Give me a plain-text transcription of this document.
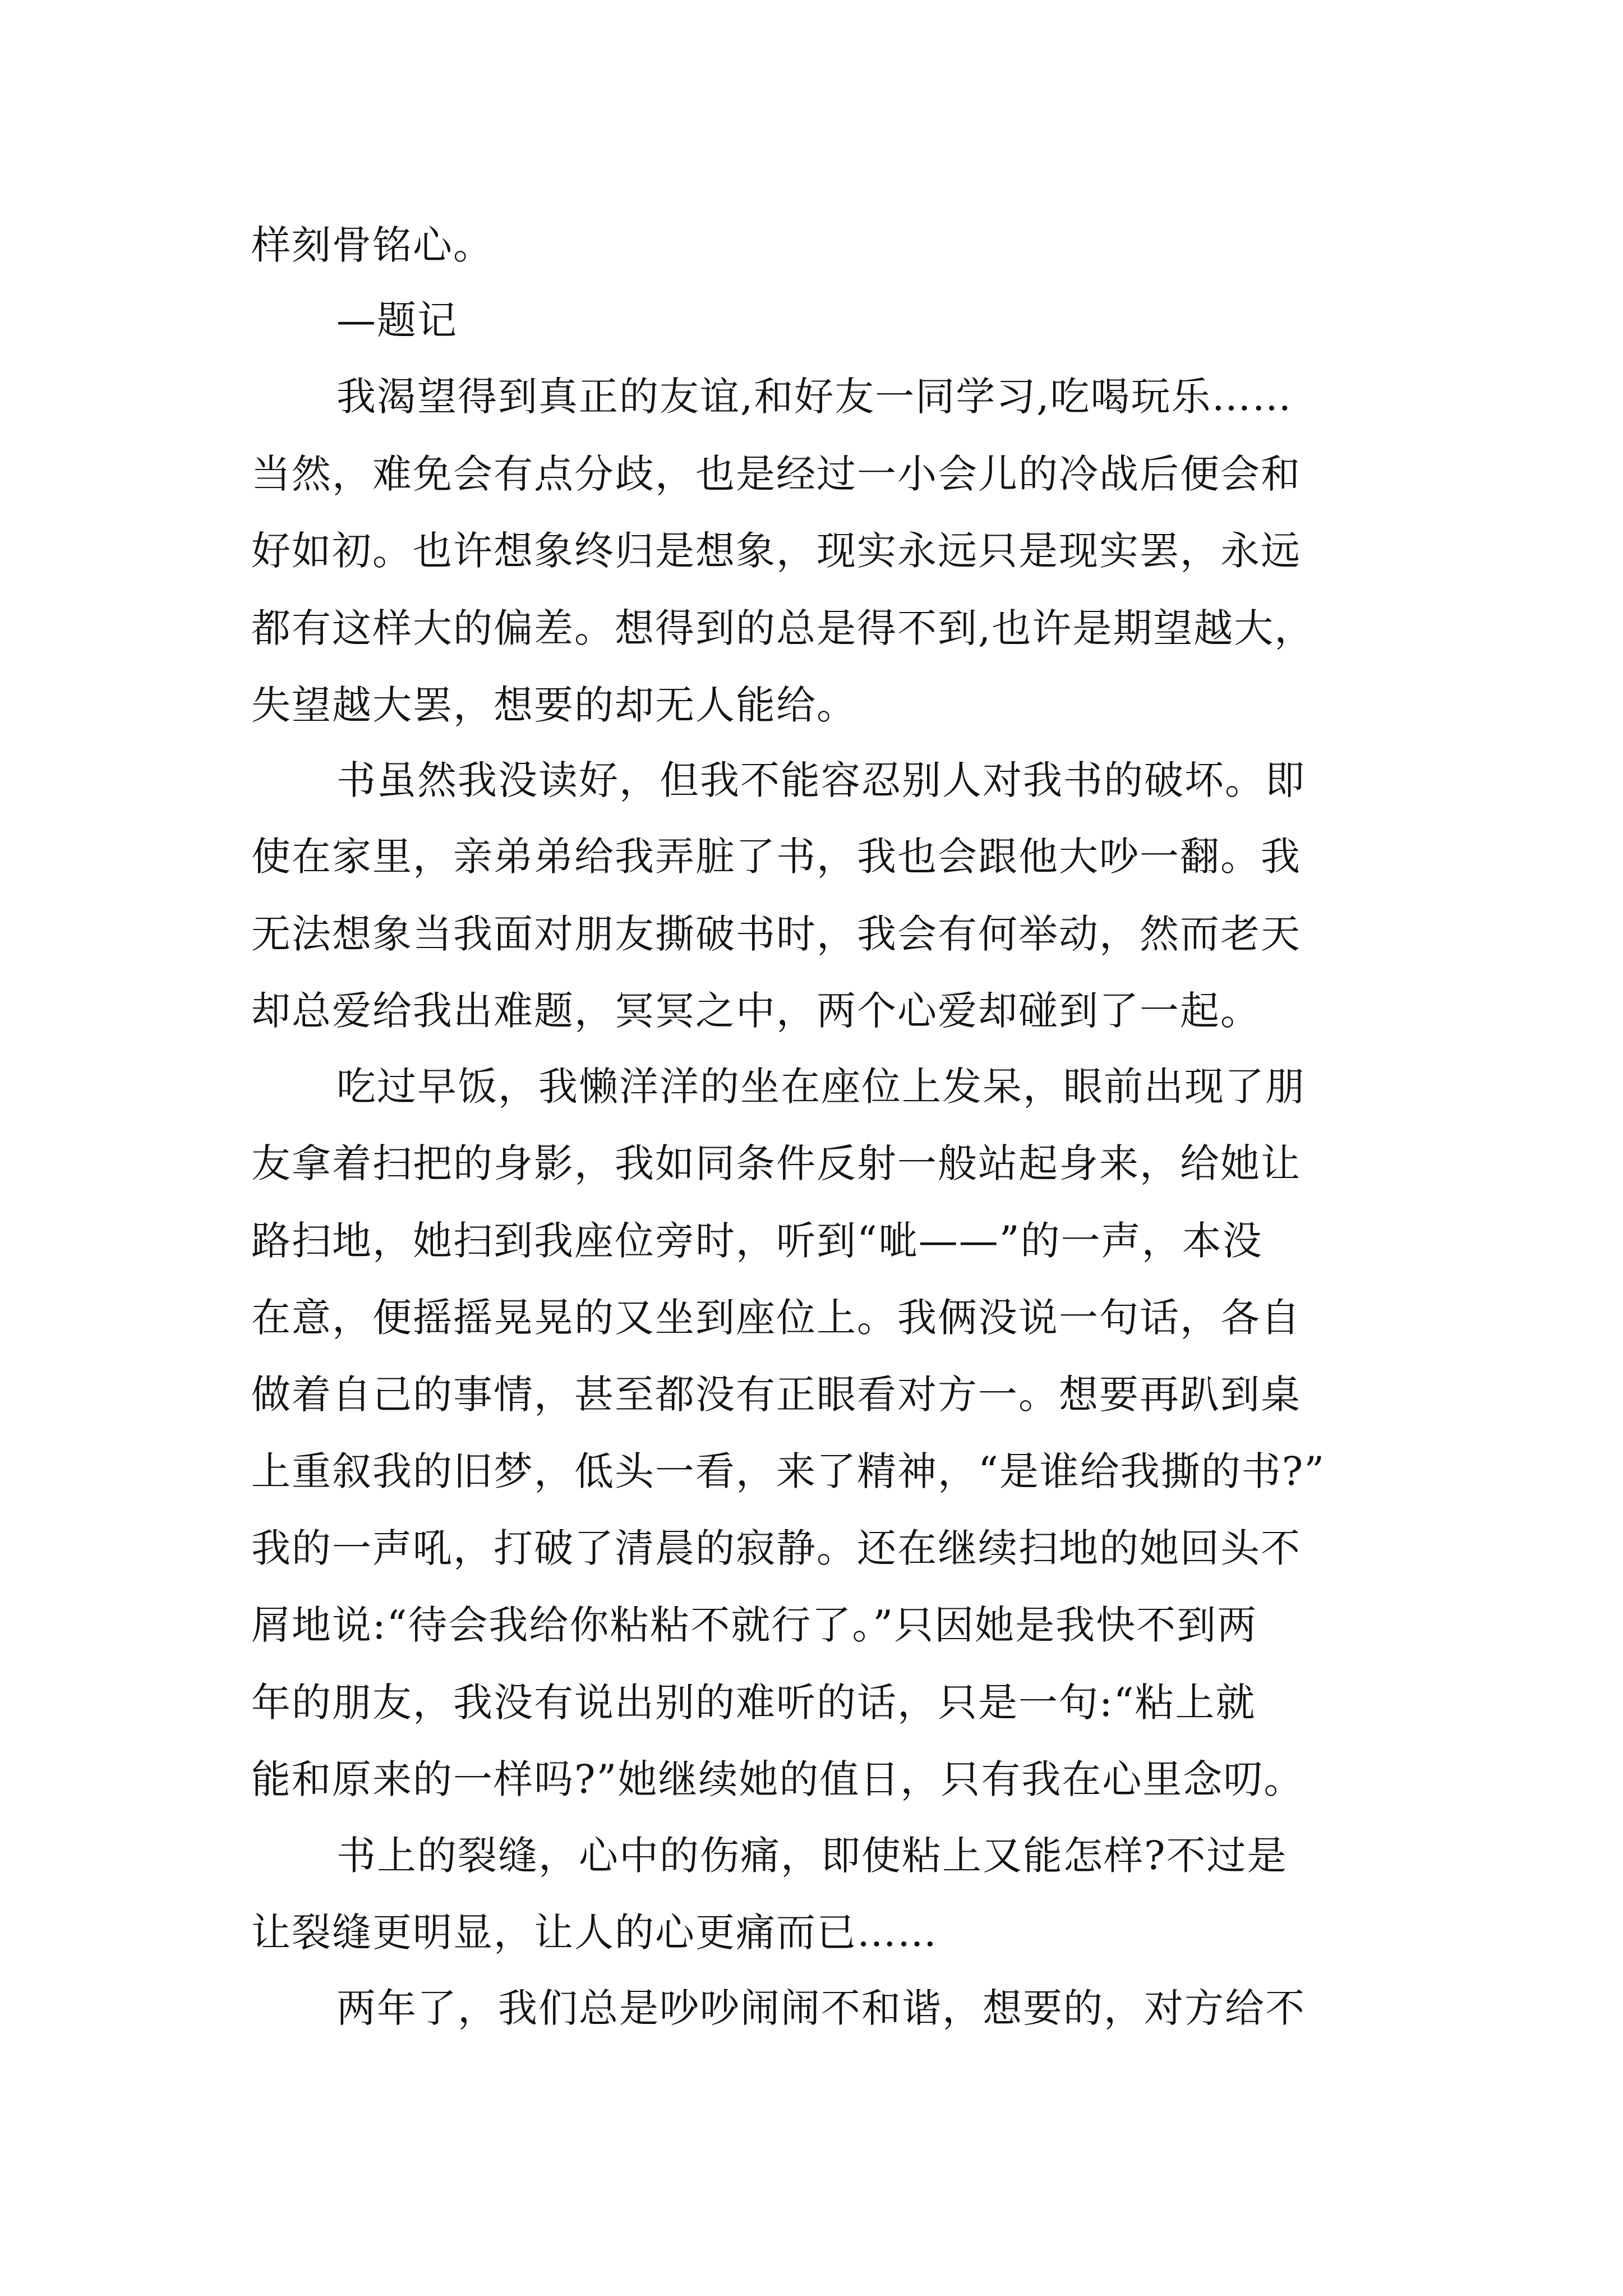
样刻骨铭心。

—题记

我渴望得到真正的友谊,和好友一同学习,吃喝玩乐……

当然，难免会有点分歧，也是经过一小会儿的冷战后便会和

好如初。也许想象终归是想象，现实永远只是现实罢，永远

都有这样大的偏差。想得到的总是得不到,也许是期望越大，

失望越大罢，想要的却无人能给。

书虽然我没读好，但我不能容忍别人对我书的破坏。即

使在家里，亲弟弟给我弄脏了书，我也会跟他大吵一翻。我

无法想象当我面对朋友撕破书时，我会有何举动，然而老天

却总爱给我出难题，冥冥之中，两个心爱却碰到了一起。

吃过早饭，我懒洋洋的坐在座位上发呆，眼前出现了朋

友拿着扫把的身影，我如同条件反射一般站起身来，给她让

路扫地，她扫到我座位旁时，听到“呲——”的一声，本没

在意，便摇摇晃晃的又坐到座位上。我俩没说一句话，各自

做着自己的事情，甚至都没有正眼看对方一。想要再趴到桌

上重叙我的旧梦，低头一看，来了精神，“是谁给我撕的书?”

我的一声吼，打破了清晨的寂静。还在继续扫地的她回头不

屑地说:“待会我给你粘粘不就行了。”只因她是我快不到两

年的朋友，我没有说出别的难听的话，只是一句:“粘上就

能和原来的一样吗?”她继续她的值日，只有我在心里念叨。

书上的裂缝，心中的伤痛，即使粘上又能怎样?不过是

让裂缝更明显，让人的心更痛而已……

两年了，我们总是吵吵闹闹不和谐，想要的，对方给不
